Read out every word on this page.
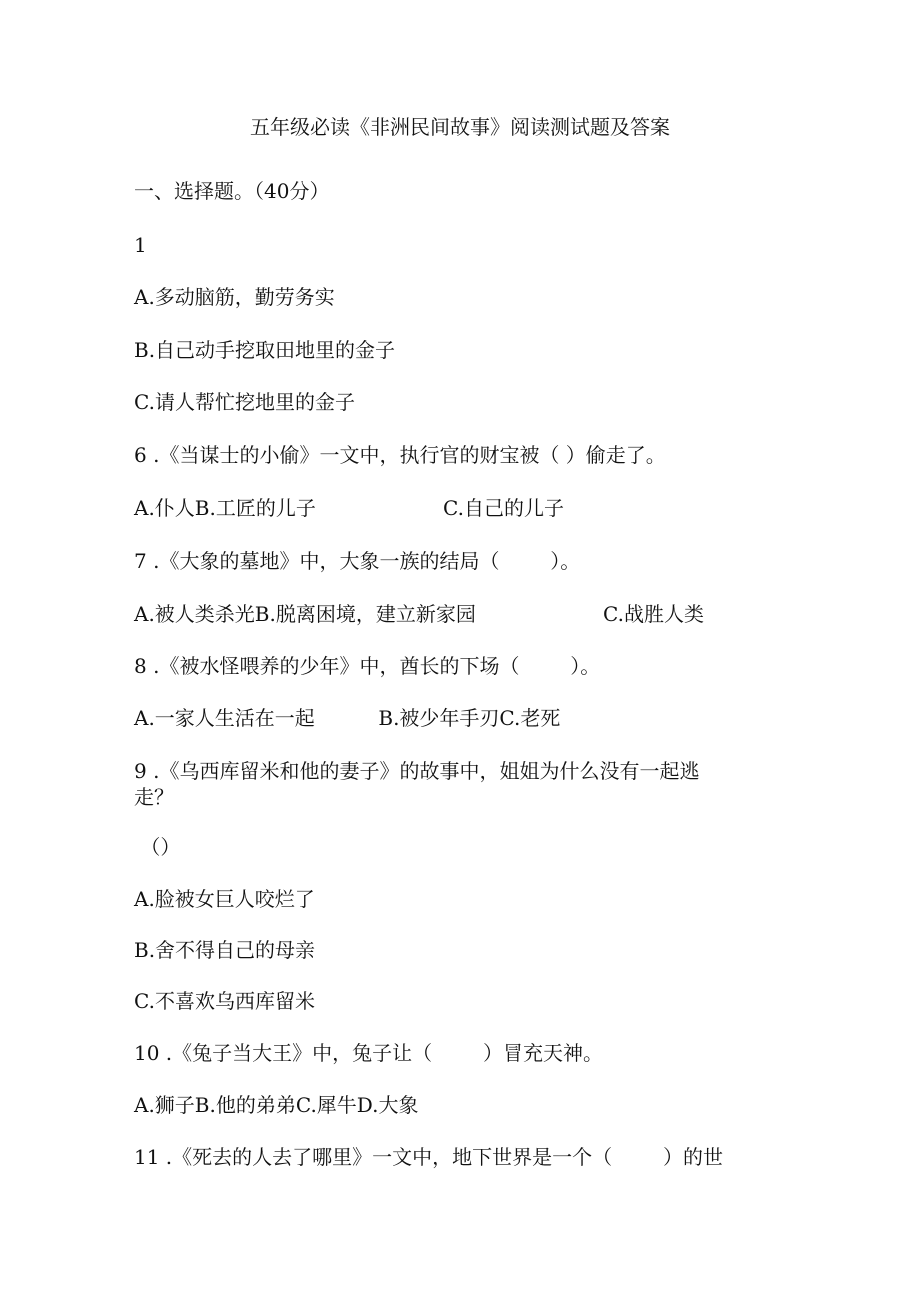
五年级必读《非洲民间故事》阅读测试题及答案
一、选择题。（40分）
1
A.多动脑筋，勤劳务实
B.自己动手挖取田地里的金子
C.请人帮忙挖地里的金子
6 .《当谋士的小偷》一文中，执行官的财宝被（ ）偷走了。
A.仆人B.工匠的儿子                    C.自己的儿子
7 .《大象的墓地》中，大象一族的结局（        ）。
A.被人类杀光B.脱离困境，建立新家园                    C.战胜人类
8 .《被水怪喂养的少年》中，酋长的下场（        ）。
A.一家人生活在一起          B.被少年手刃C.老死
9 .《乌西库留米和他的妻子》的故事中，姐姐为什么没有一起逃
走？
（）
A.脸被女巨人咬烂了
B.舍不得自己的母亲
C.不喜欢乌西库留米
10 .《兔子当大王》中，兔子让（        ）冒充天神。
A.狮子B.他的弟弟C.犀牛D.大象
11 .《死去的人去了哪里》一文中，地下世界是一个（        ）的世
